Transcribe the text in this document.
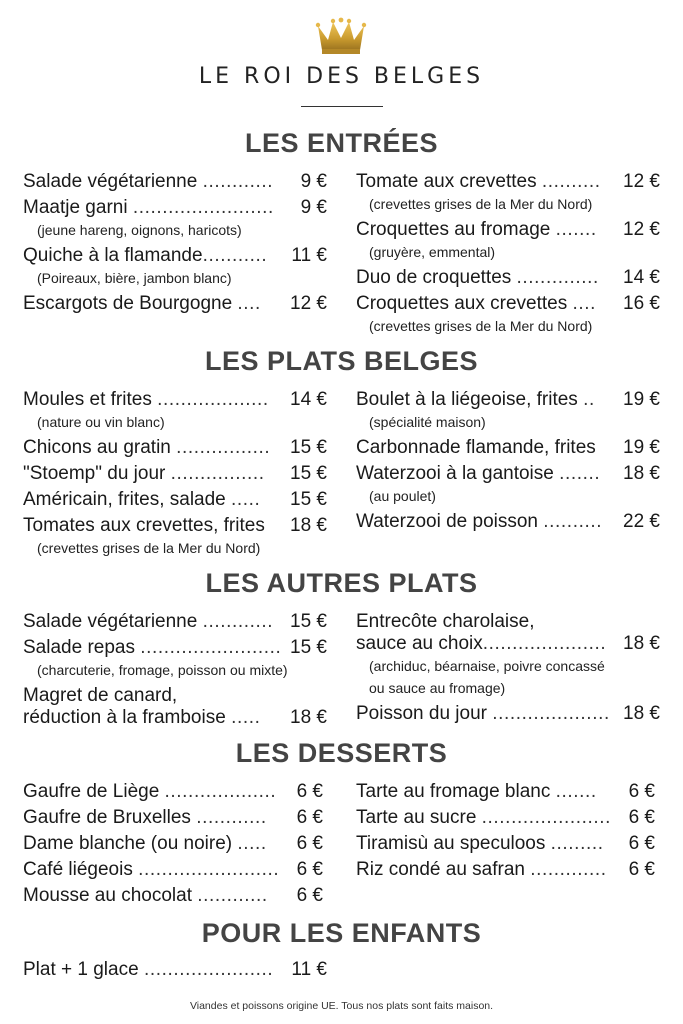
LE ROI DES BELGES
LES ENTRÉES
Salade végétarienne ............ 9 €
Maatje garni ........................ 9 €
(jeune hareng, oignons, haricots)
Quiche à la flamande........... 11 €
(Poireaux, bière, jambon blanc)
Escargots de Bourgogne .... 12 €
Tomate aux crevettes .......... 12 €
(crevettes grises de la Mer du Nord)
Croquettes au fromage ....... 12 €
(gruyère, emmental)
Duo de croquettes .............. 14 €
Croquettes aux crevettes .... 16 €
(crevettes grises de la Mer du Nord)
LES PLATS BELGES
Moules et frites ................... 14 €
(nature ou vin blanc)
Chicons au gratin ................ 15 €
"Stoemp" du jour ................ 15 €
Américain, frites, salade ..... 15 €
Tomates aux crevettes, frites 18 €
(crevettes grises de la Mer du Nord)
Boulet à la liégeoise, frites .. 19 €
(spécialité maison)
Carbonnade flamande, frites 19 €
Waterzooi à la gantoise ....... 18 €
(au poulet)
Waterzooi de poisson .......... 22 €
LES AUTRES PLATS
Salade végétarienne ............ 15 €
Salade repas ........................ 15 €
(charcuterie, fromage, poisson ou mixte)
Magret de canard,
réduction à la framboise ..... 18 €
Entrecôte charolaise,
sauce au choix..................... 18 €
(archiduc, béarnaise, poivre concassé
ou sauce au fromage)
Poisson du jour .................... 18 €
LES DESSERTS
Gaufre de Liège ................... 6 €
Gaufre de Bruxelles ............ 6 €
Dame blanche (ou noire) ..... 6 €
Café liégeois ........................ 6 €
Mousse au chocolat ............ 6 €
Tarte au fromage blanc ....... 6 €
Tarte au sucre ...................... 6 €
Tiramisù au speculoos ......... 6 €
Riz condé au safran ............. 6 €
POUR LES ENFANTS
Plat + 1 glace ...................... 11 €
Viandes et poissons origine UE. Tous nos plats sont faits maison.
